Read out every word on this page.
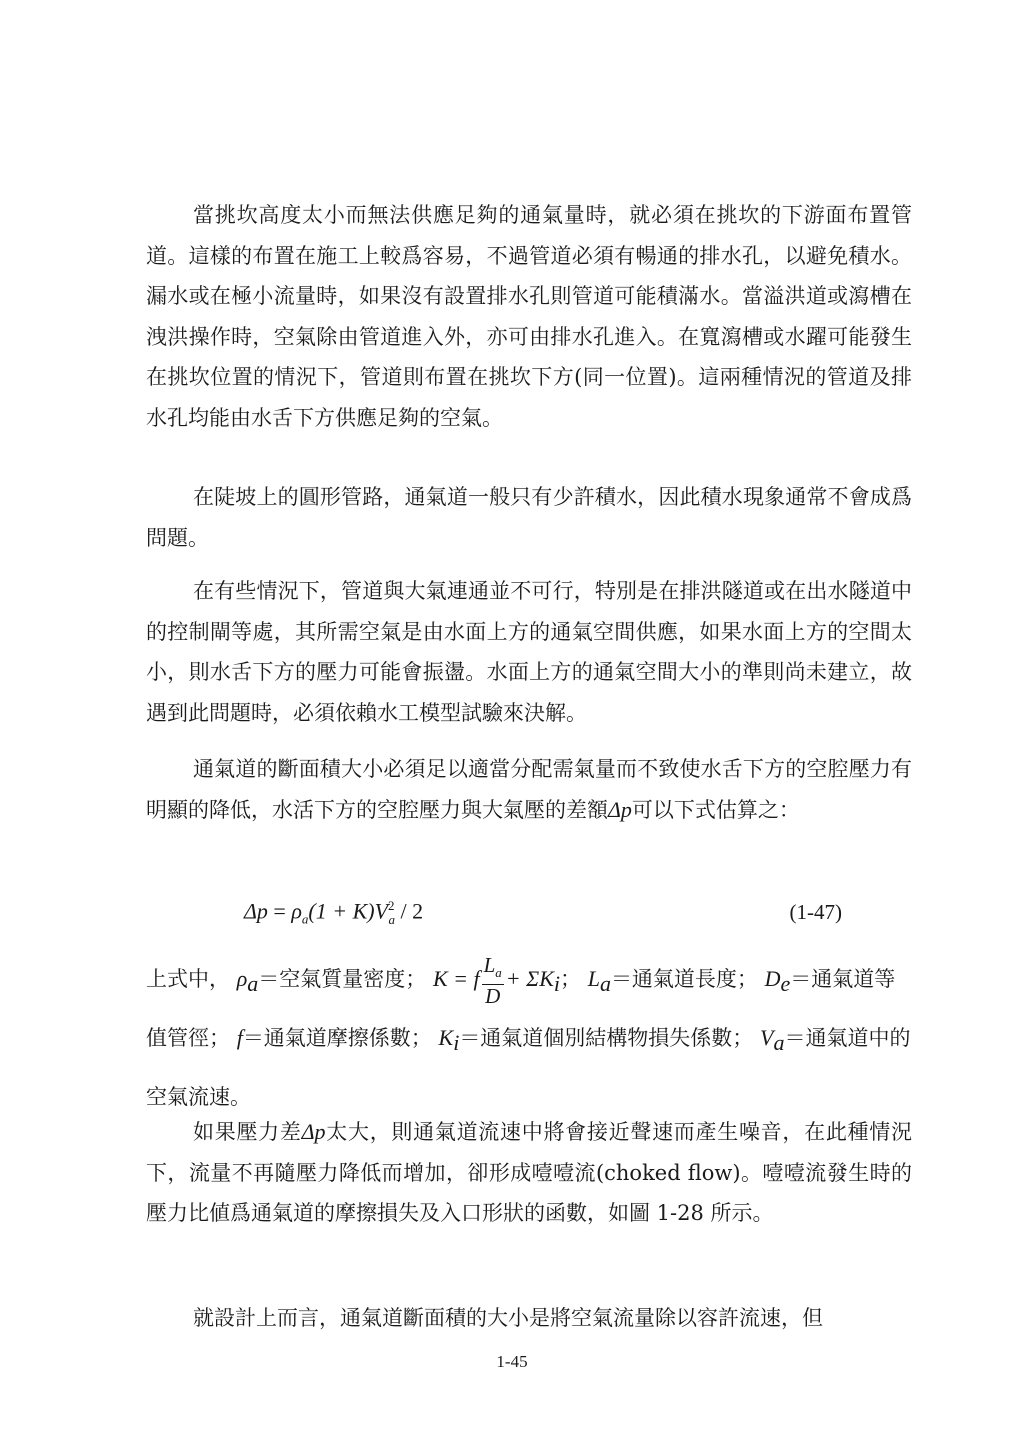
當挑坎高度太小而無法供應足夠的通氣量時，就必須在挑坎的下游面布置管道。這樣的布置在施工上較爲容易，不過管道必須有暢通的排水孔，以避免積水。漏水或在極小流量時，如果沒有設置排水孔則管道可能積滿水。當溢洪道或瀉槽在洩洪操作時，空氣除由管道進入外，亦可由排水孔進入。在寬瀉槽或水躍可能發生在挑坎位置的情況下，管道則布置在挑坎下方(同一位置)。這兩種情況的管道及排水孔均能由水舌下方供應足夠的空氣。
在陡坡上的圓形管路，通氣道一般只有少許積水，因此積水現象通常不會成爲問題。
在有些情況下，管道與大氣連通並不可行，特別是在排洪隧道或在出水隧道中的控制閘等處，其所需空氣是由水面上方的通氣空間供應，如果水面上方的空間太小，則水舌下方的壓力可能會振盪。水面上方的通氣空間大小的準則尚未建立，故遇到此問題時，必須依賴水工模型試驗來決解。
通氣道的斷面積大小必須足以適當分配需氣量而不致使水舌下方的空腔壓力有明顯的降低，水活下方的空腔壓力與大氣壓的差額Δp可以下式估算之：
$\Delta p = \rho_a(1 + K)V^2_a / 2$	(1-47)
上式中， $\rho_a=$空氣質量密度； K = f $\frac{L_a}{D} + \Sigma K_i$； $L_a=$通氣道長度； $D_e=$通氣道等值管徑； f＝通氣道摩擦係數； $K_i=$通氣道個別結構物損失係數； $V_a=$通氣道中的空氣流速。
如果壓力差Δp太大，則通氣道流速中將會接近聲速而產生噪音，在此種情況下，流量不再隨壓力降低而增加，卻形成噎噎流(choked flow)。噎噎流發生時的壓力比値爲通氣道的摩擦損失及入口形狀的函數，如圖 1-28 所示。
就設計上而言，通氣道斷面積的大小是將空氣流量除以容許流速，但
1-45
